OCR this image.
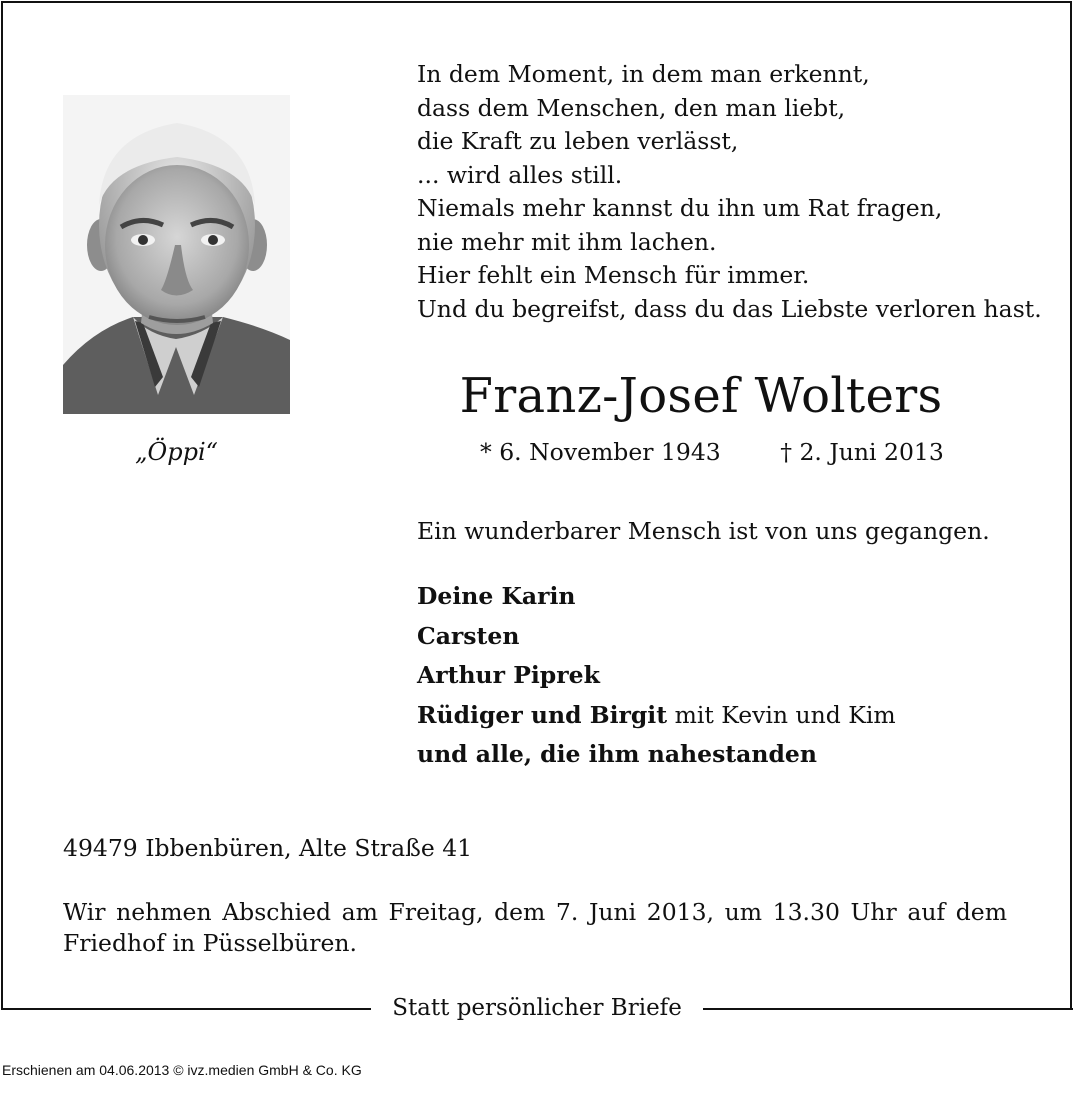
„Öppi“
In dem Moment, in dem man erkennt,
dass dem Menschen, den man liebt,
die Kraft zu leben verlässt,
... wird alles still.
Niemals mehr kannst du ihn um Rat fragen,
nie mehr mit ihm lachen.
Hier fehlt ein Mensch für immer.
Und du begreifst, dass du das Liebste verloren hast.
Franz-Josef Wolters
* 6. November 1943	† 2. Juni 2013
Ein wunderbarer Mensch ist von uns gegangen.
Deine Karin
Carsten
Arthur Piprek
Rüdiger und Birgit mit Kevin und Kim
und alle, die ihm nahestanden
49479 Ibbenbüren, Alte Straße 41
Wir nehmen Abschied am Freitag, dem 7. Juni 2013, um 13.30 Uhr auf dem Friedhof in Püsselbüren.
Statt persönlicher Briefe
Erschienen am 04.06.2013 © ivz.medien GmbH & Co. KG
